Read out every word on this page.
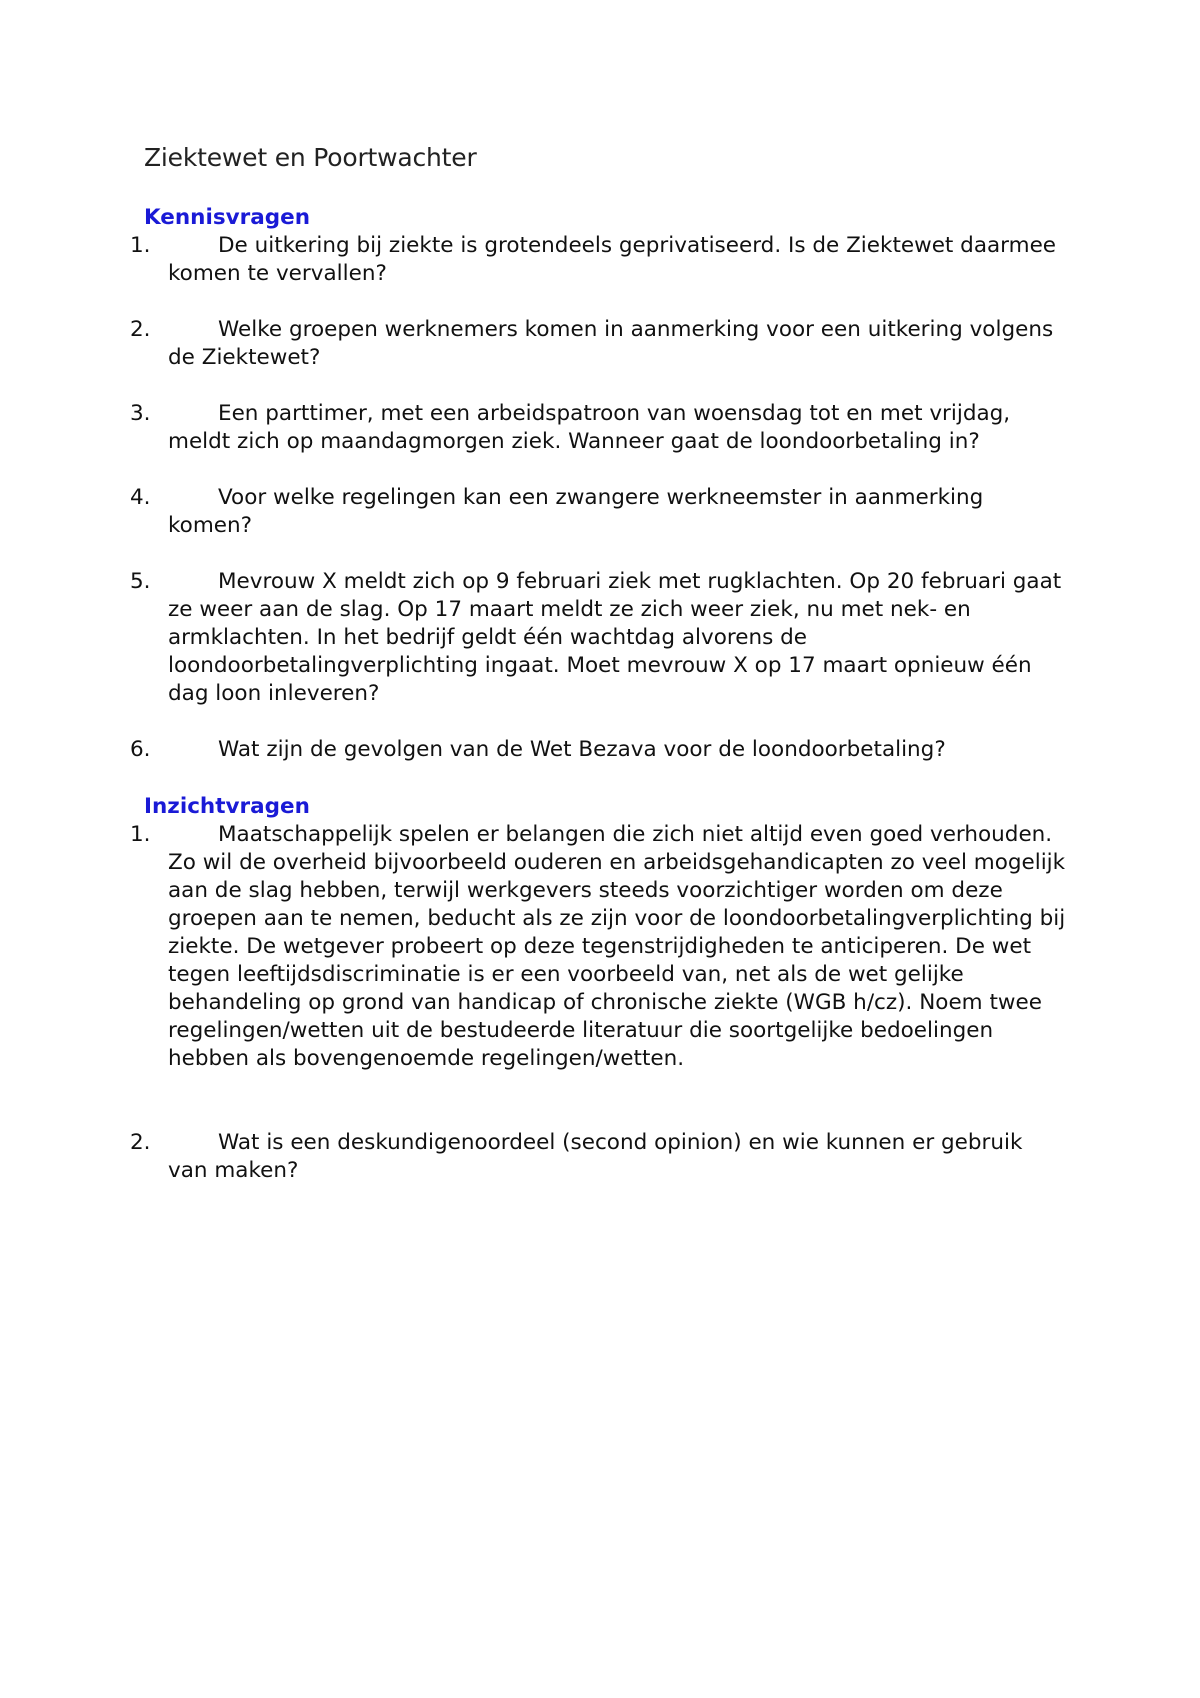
Ziektewet en Poortwachter
Kennisvragen
1.	De uitkering bij ziekte is grotendeels geprivatiseerd. Is de Ziektewet daarmee komen te vervallen?
2.	Welke groepen werknemers komen in aanmerking voor een uitkering volgens de Ziektewet?
3.	Een parttimer, met een arbeidspatroon van woensdag tot en met vrijdag, meldt zich op maandagmorgen ziek. Wanneer gaat de loondoorbetaling in?
4.	Voor welke regelingen kan een zwangere werkneemster in aanmerking komen?
5.	Mevrouw X meldt zich op 9 februari ziek met rugklachten. Op 20 februari gaat ze weer aan de slag. Op 17 maart meldt ze zich weer ziek, nu met nek- en armklachten. In het bedrijf geldt één wachtdag alvorens de loondoorbetalingverplichting ingaat. Moet mevrouw X op 17 maart opnieuw één dag loon inleveren?
6.	Wat zijn de gevolgen van de Wet Bezava voor de loondoorbetaling?
Inzichtvragen
1.	Maatschappelijk spelen er belangen die zich niet altijd even goed verhouden. Zo wil de overheid bijvoorbeeld ouderen en arbeidsgehandicapten zo veel mogelijk aan de slag hebben, terwijl werkgevers steeds voorzichtiger worden om deze groepen aan te nemen, beducht als ze zijn voor de loondoorbetalingverplichting bij ziekte. De wetgever probeert op deze tegenstrijdigheden te anticiperen. De wet tegen leeftijdsdiscriminatie is er een voorbeeld van, net als de wet gelijke behandeling op grond van handicap of chronische ziekte (WGB h/cz). Noem twee regelingen/wetten uit de bestudeerde literatuur die soortgelijke bedoelingen hebben als bovengenoemde regelingen/wetten.
2.	Wat is een deskundigenoordeel (second opinion) en wie kunnen er gebruik van maken?
